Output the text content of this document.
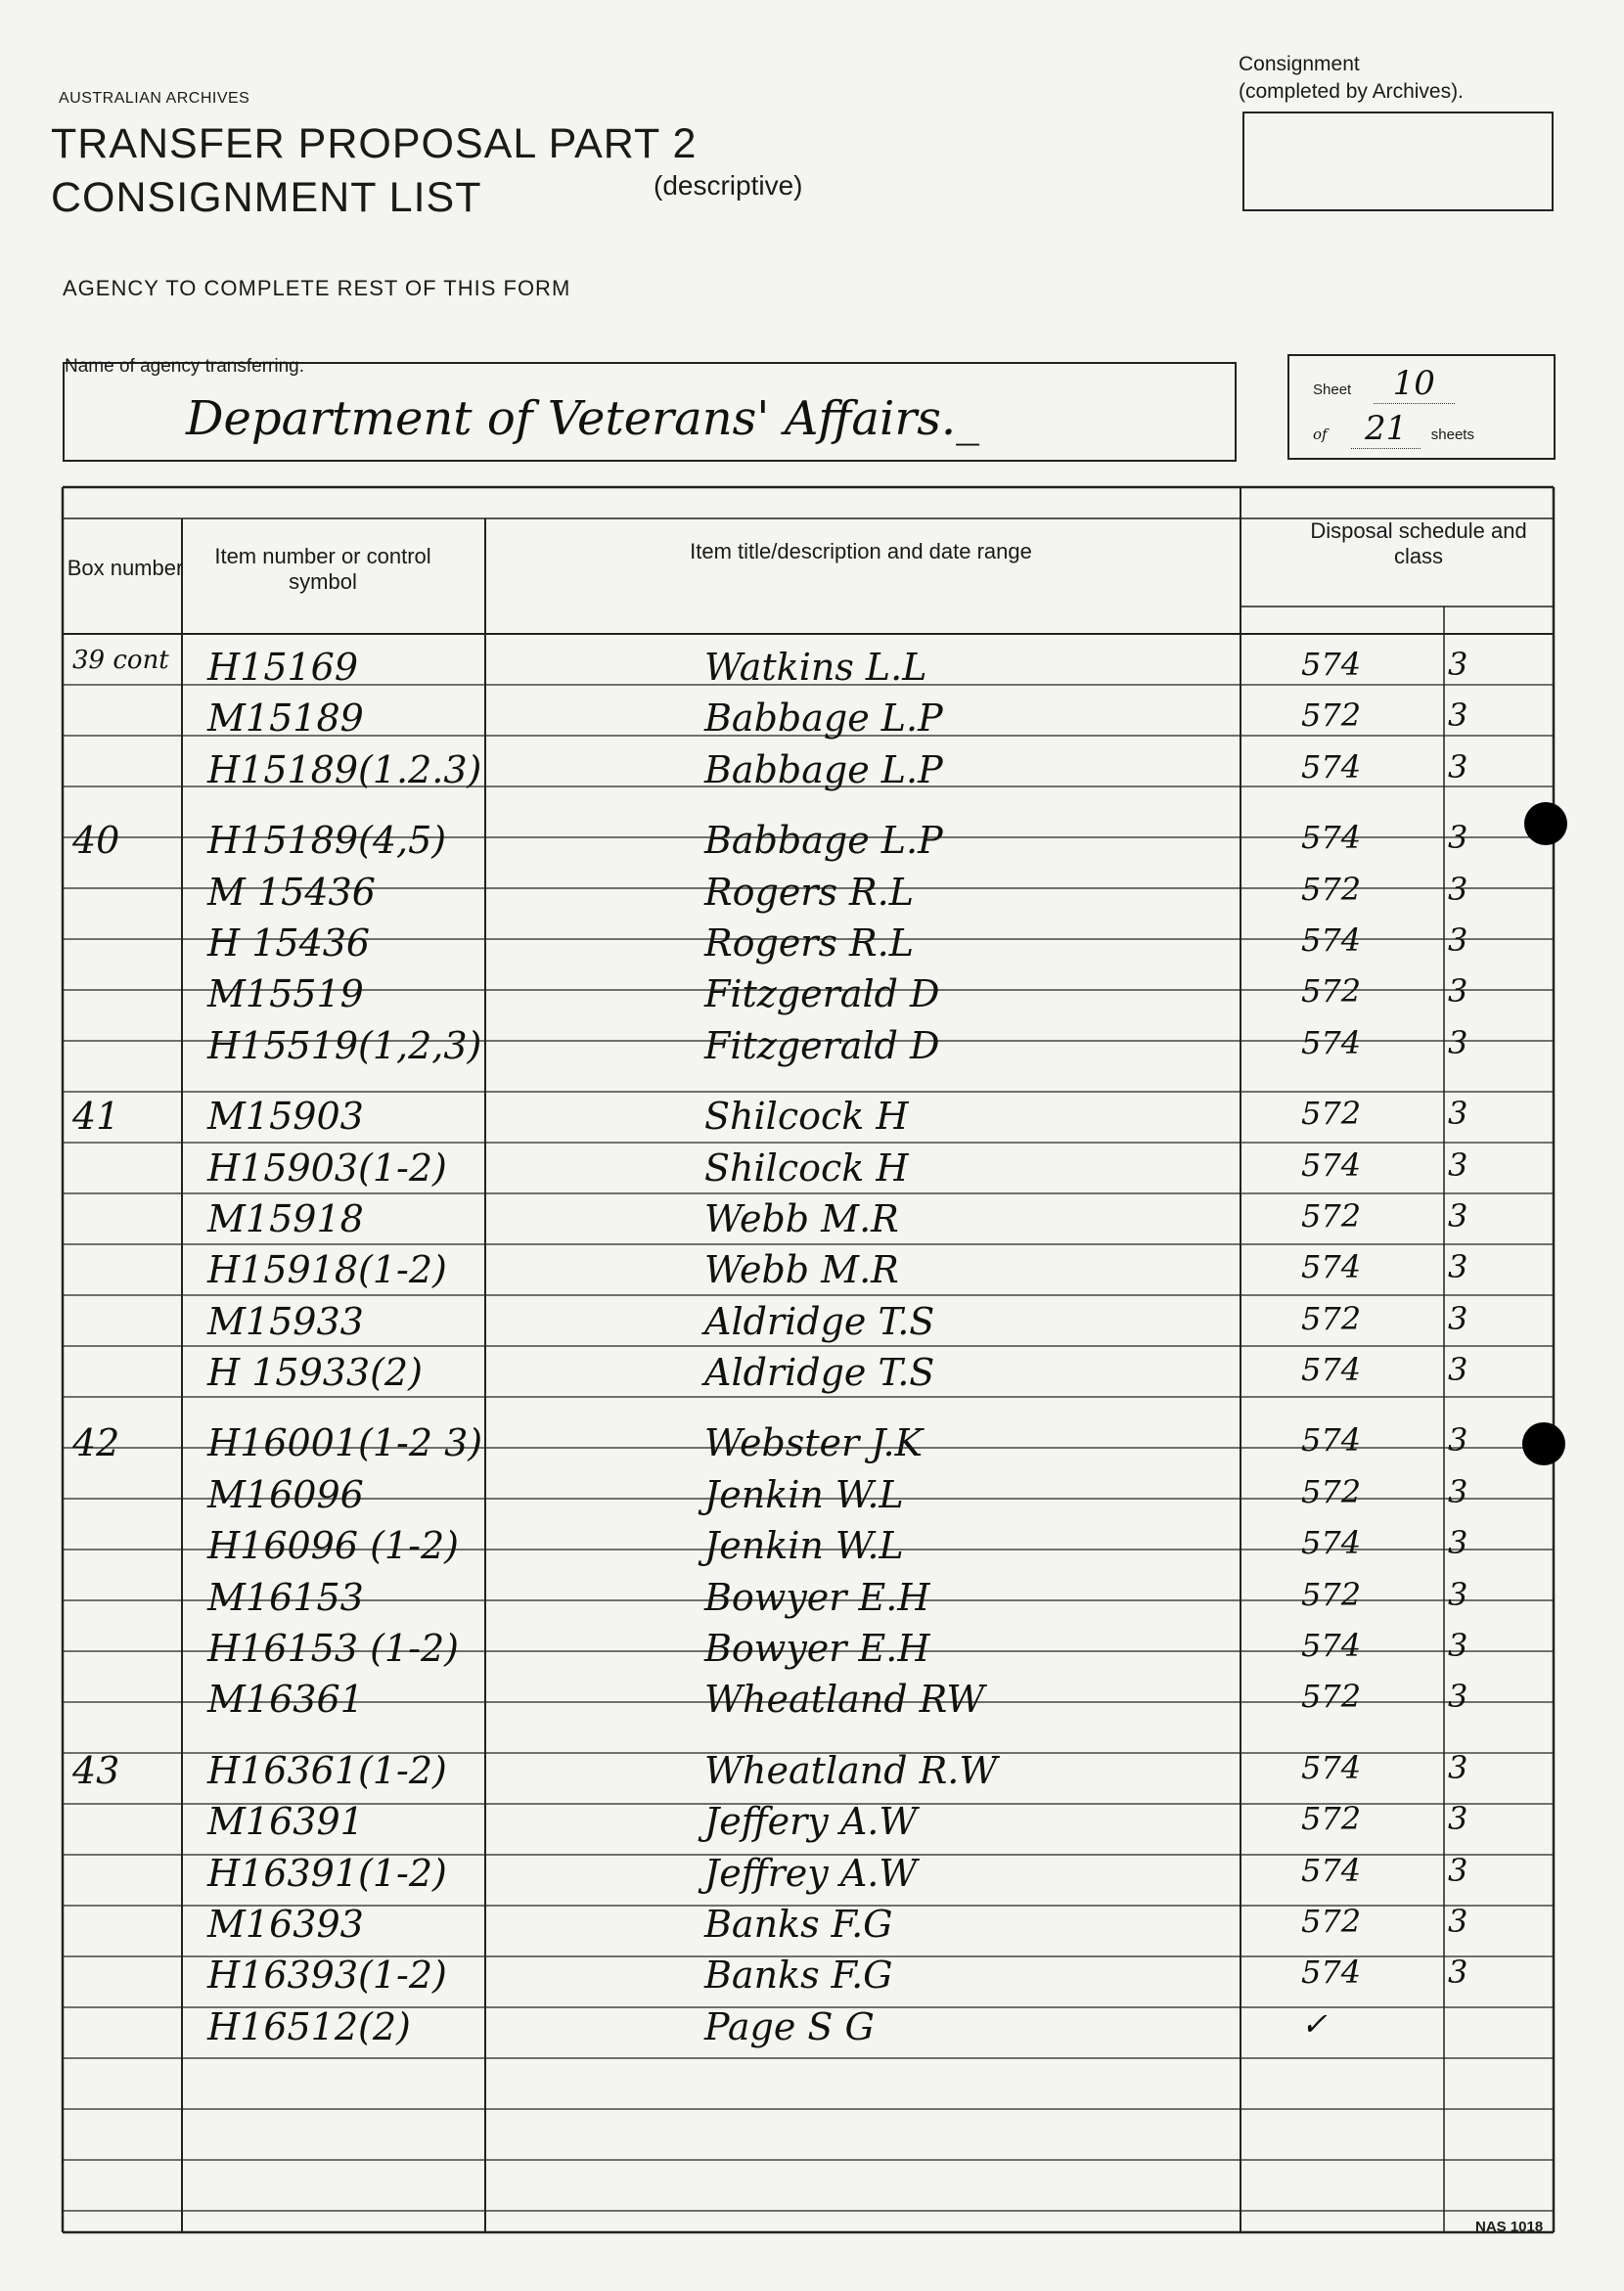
AUSTRALIAN ARCHIVES
TRANSFER PROPOSAL PART 2
CONSIGNMENT LIST	(descriptive)
AGENCY TO COMPLETE REST OF THIS FORM
Consignment
(completed by Archives).
Name of agency transferring.
Department of Veterans' Affairs._
Sheet 10
of 21 sheets
Box number	Item number or control symbol
Item title/description and date range
Disposal schedule and class
39 cont H15169	Watkins L.L	574	3
M15189	Babbage L.P	572	3
H15189(1.2.3)	Babbage L.P	574	3
40 H15189(4,5)	Babbage L.P	574	3
M 15436	Rogers R.L	572	3
H 15436	Rogers R.L	574	3
M15519	Fitzgerald D	572	3
H15519(1,2,3)	Fitzgerald D	574	3
41 M15903	Shilcock H	572	3
H15903(1-2)	Shilcock H	574	3
M15918	Webb M.R	572	3
H15918(1-2)	Webb M.R	574	3
M15933	Aldridge T.S	572	3
H 15933(2)	Aldridge T.S	574	3
42 H16001(1-2 3)	Webster J.K	574	3
M16096	Jenkin W.L	572	3
H16096 (1-2)	Jenkin W.L	574	3
M16153	Bowyer E.H	572	3
H16153 (1-2)	Bowyer E.H	574	3
M16361	Wheatland RW	572	3
43 H16361(1-2)	Wheatland R.W	574	3
M16391	Jeffery A.W	572	3
H16391(1-2)	Jeffrey A.W	574	3
M16393	Banks F.G	572	3
H16393(1-2)	Banks F.G	574	3
H16512(2)	Page S G	✓
NAS 1018
